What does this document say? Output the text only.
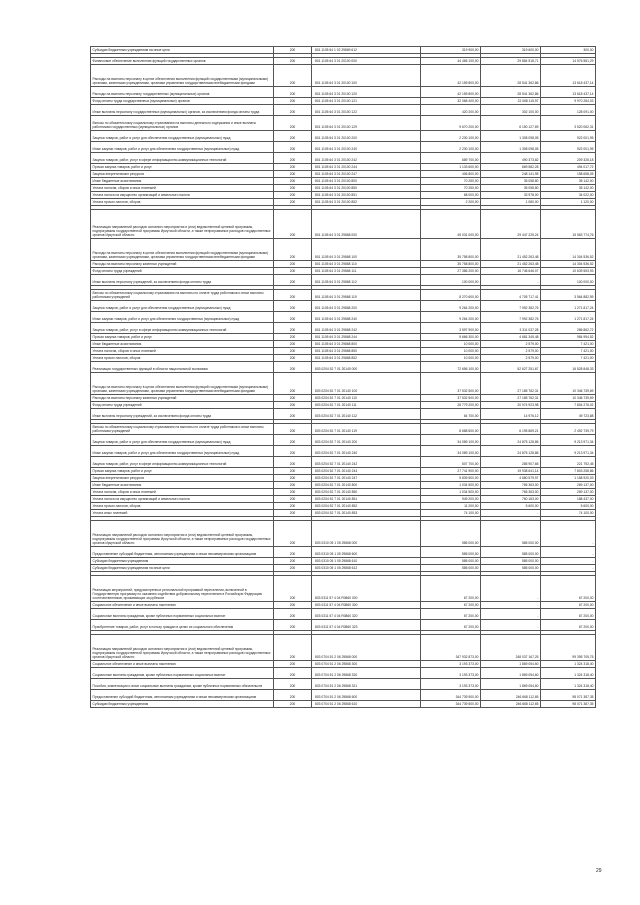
Субсидии бюджетным учреждениям на иные цели	200	801 1105 64 1 02 29869 612	319 900,00	319 600,00	300,00

Финансовое обеспечение выполнения функций государственных органов	200	801 1105 64 3 01 20100 000	44 465 100,00	29 884 518,71	14 576 581,29
Расходы на выплаты персоналу в целях обеспечения выполнения функций государственными (муниципальными) органами, казенными учреждениями, органами управления государственными внебюджетными фондами	200	801 1105 64 3 01 20100 100	42 159 800,00	28 541 362,86	13 618 437,14
Расходы на выплаты персоналу государственных (муниципальных) органов	200	801 1105 64 3 01 20100 120	42 159 800,00	28 541 362,86	13 618 437,14
Фонд оплаты труда государственных (муниципальных) органов	200	801 1105 64 3 01 20100 121	32 068 400,00	22 068 115,97	9 970 284,03
Иные выплаты персоналу государственных (муниципальных) органов, за исключением фонда оплаты труда	200	801 1105 64 3 01 20100 122	420 200,00	302 100,00	128 091,00
Взносы по обязательному социальному страхованию на выплаты денежного содержания и иные выплаты работникам государственных (муниципальных) органов	200	801 1105 64 3 01 20100 129	9 670 200,00	6 150 127,69	3 520 062,31
Закупка товаров, работ и услуг для обеспечения государственных (муниципальных) нужд	200	801 1105 64 3 01 20100 200	2 230 100,00	1 308 098,05	922 001,95
Иные закупки товаров, работ и услуг для обеспечения государственных (муниципальных) нужд	200	801 1105 64 3 01 20100 240	2 230 100,00	1 308 098,05	922 001,95
Закупка товаров, работ, услуг в сфере информационно-коммуникационных технологий	200	801 1105 64 3 01 20100 242	689 700,00	490 373,82	209 326,18
Прочая закупка товаров, работ и услуг	200	801 1105 64 3 01 20100 244	1 133 600,00	669 582,28	494 017,72
Закупка энергетических ресурсов	200	801 1105 64 3 01 20100 247	406 800,00	248 141,95	158 658,05
Иные бюджетные ассигнования	200	801 1105 64 3 01 20100 800	70 250,00	35 058,80	35 142,00
Уплата налогов, сборов и иных платежей	200	801 1105 64 3 01 20100 850	70 250,00	35 058,80	35 142,00
Уплата налога на имущество организаций и земельного налога	200	801 1105 64 3 01 20100 851	68 000,00	33 978,00	34 022,00
Уплата прочих налогов, сборов	200	801 1105 64 3 01 20100 852	2 200,00	1 080,00	1 120,00

Реализация направлений расходов основного мероприятия и (или) ведомственной целевой программы, подпрограммы государственной программы Иркутской области, а также непрограммных расходов государственных органов Иркутской области	200	801 1105 64 3 01 29868 000	45 031 000,00	29 447 225,24	15 563 774,76
Расходы на выплаты персоналу в целях обеспечения выполнения функций государственными (муниципальными) органами, казенными учреждениями, органами управления государственными внебюджетными фондами	200	801 1105 64 3 01 29868 100	35 758 800,00	21 452 263,48	14 304 536,52
Расходы на выплаты персоналу казенных учреждений	200	801 1105 64 3 01 29868 110	35 758 800,00	21 452 263,48	14 304 536,52
Фонд оплаты труда учреждений	200	801 1105 64 3 01 29868 111	27 386 200,00	16 746 646,07	10 639 553,93
Иные выплаты персоналу учреждений, за исключением фонда оплаты труда	200	801 1105 64 3 01 29868 112	100 000,00	-	100 000,00

Взносы по обязательному социальному страхованию на выплаты по оплате труда работников и иные выплаты работникам учреждений	200	801 1105 64 3 01 29868 119	8 270 600,00	4 705 717,41	3 564 882,59
Закупка товаров, работ и услуг для обеспечения государственных (муниципальных) нужд	200	801 1105 64 3 01 29868 200	9 264 200,00	7 992 382,76	1 271 817,24
Иные закупки товаров, работ и услуг для обеспечения государственных (муниципальных) нужд	200	801 1105 64 3 01 29868 240	9 264 200,00	7 992 382,76	1 271 817,24
Закупка товаров, работ, услуг в сфере информационно-коммуникационных технологий	200	801 1105 64 3 01 29868 242	3 597 900,00	3 311 037,28	286 862,72
Прочая закупка товаров, работ и услуг	200	801 1105 64 3 01 29868 244	5 666 300,00	4 681 345,48	984 954,52
Иные бюджетные ассигнования	200	801 1105 64 3 01 29868 800	10 000,00	2 579,00	7 421,00
Уплата налогов, сборов и иных платежей	200	801 1105 64 3 01 29868 850	10 000,00	2 579,00	7 421,00
Уплата прочих налогов, сборов	200	801 1105 64 3 01 29868 852	10 000,00	2 579,00	7 421,00
Реализация государственных функций в области национальной экономики	200	803 0204 52 7 01 20140 000	72 656 100,00	52 627 251,67	16 528 848,33
Расходы на выплаты персоналу в целях обеспечения выполнения функций государственными (муниципальными) органами, казенными учреждениями, органами управления государственными внебюджетными фондами	200	803 0204 52 7 01 20140 100	37 532 500,00	27 185 762,31	10 346 739,69
Расходы на выплаты персоналу казенных учреждений	200	803 0204 52 7 01 20140 110	37 532 500,00	27 185 762,31	10 346 739,69
Фонд оплаты труда учреждений	200	803 0204 52 7 01 20140 111	28 779 200,00	20 974 923,98	7 804 276,02
Иные выплаты персоналу учреждений, за исключением фонда оплаты труда	200	803 0204 52 7 01 20140 112	64 700,00	14 976,12	49 723,88

Взносы по обязательному социальному страхованию на выплаты по оплате труда работников и иные выплаты работникам учреждений	200	803 0204 52 7 01 20140 119	8 688 600,00	6 195 869,21	2 492 739,79
Закупка товаров, работ и услуг для обеспечения государственных (муниципальных) нужд	200	803 0204 52 7 01 20140 200	34 089 100,00	24 875 128,86	9 213 971,34
Иные закупки товаров, работ и услуг для обеспечения государственных (муниципальных) нужд	200	803 0204 52 7 01 20140 240	34 089 100,00	24 875 128,86	9 213 971,34
Закупка товаров, работ, услуг в сфере информационно-коммуникационных технологий	200	803 0204 52 7 01 20140 242	507 700,00	285 907,65	221 792,45
Прочая закупка товаров, работ и услуг	200	803 0204 52 7 01 20140 244	27 741 900,00	19 938 641,14	7 803 258,86
Закупка энергетических ресурсов	200	803 0204 52 7 01 20140 247	5 839 500,00	4 680 579,97	1 158 920,03
Иные бюджетные ассигнования	200	803 0204 52 7 01 20140 800	1 034 500,00	765 363,00	269 137,00
Уплата налогов, сборов и иных платежей	200	803 0204 52 7 01 20140 850	1 034 500,00	765 363,00	269 137,00
Уплата налога на имущество организаций и земельного налога	200	803 0204 52 7 01 20140 851	949 200,00	760 163,00	188 437,00
Уплата прочих налогов, сборов	200	803 0204 52 7 01 20140 852	11 200,00	5 600,00	5 600,00
Уплата иных платежей	200	803 0204 52 7 01 20140 853	74 100,00	-	74 100,00

Реализация направлений расходов основного мероприятия и (или) ведомственной целевой программы, подпрограммы государственной программы Иркутской области, а также непрограммных расходов государственных органов Иркутской области	200	803 0310 05 1 05 29868 000	585 000,00	585 000,00	-
Предоставление субсидий бюджетным, автономным учреждениям и иным некоммерческим организациям	200	803 0310 05 1 05 29868 600	585 000,00	585 000,00	-
Субсидии бюджетным учреждениям	200	803 0310 05 1 05 29868 610	585 000,00	585 000,00	-
Субсидии бюджетным учреждениям на иные цели	200	803 0310 05 1 05 29868 612	585 000,00	585 000,00	-

Реализация мероприятий, предусмотренных региональной программой переселения, включенной в Государственную программу по оказанию содействия добровольному переселению в Российскую Федерацию соотечественников, проживающих за рубежом	200	803 0311 57 4 04 R0860 000	67 200,00	-	67 200,00
Социальное обеспечение и иные выплаты населению	200	803 0311 57 4 04 R0860 300	67 200,00	-	67 200,00
Социальные выплаты гражданам, кроме публичных нормативных социальных выплат	200	803 0311 57 4 04 R0860 320	67 200,00	-	67 200,00
Приобретение товаров, работ, услуг в пользу граждан в целях их социального обеспечения	200	803 0311 57 4 04 R0860 323	67 200,00	-	67 200,00

Реализация направлений расходов основного мероприятия и (или) ведомственной целевой программы, подпрограммы государственной программы Иркутской области, а также непрограммных расходов государственных органов Иркутской области	200	803 0704 51 2 06 29868 000	347 932 873,00	248 037 167,25	99 395 705,75
Социальное обеспечение и иные выплаты населению	200	803 0704 51 2 06 29868 300	3 193 373,00	1 869 054,60	1 324 318,40
Социальные выплаты гражданам, кроме публичных нормативных социальных выплат	200	803 0704 51 2 06 29868 320	3 193 373,00	1 869 054,60	1 324 318,40
Пособия, компенсации и иные социальные выплаты гражданам, кроме публичных нормативных обязательств	200	803 0704 51 2 06 29868 321	3 193 373,00	1 869 054,60	1 324 318,40
Предоставление субсидий бюджетным, автономным учреждениям и иным некоммерческим организациям	200	803 0704 51 2 06 29868 600	344 739 500,00	246 668 112,65	98 071 387,35
Субсидии бюджетным учреждениям	200	803 0704 51 2 06 29868 610	344 739 500,00	246 668 112,65	98 071 387,35
29
